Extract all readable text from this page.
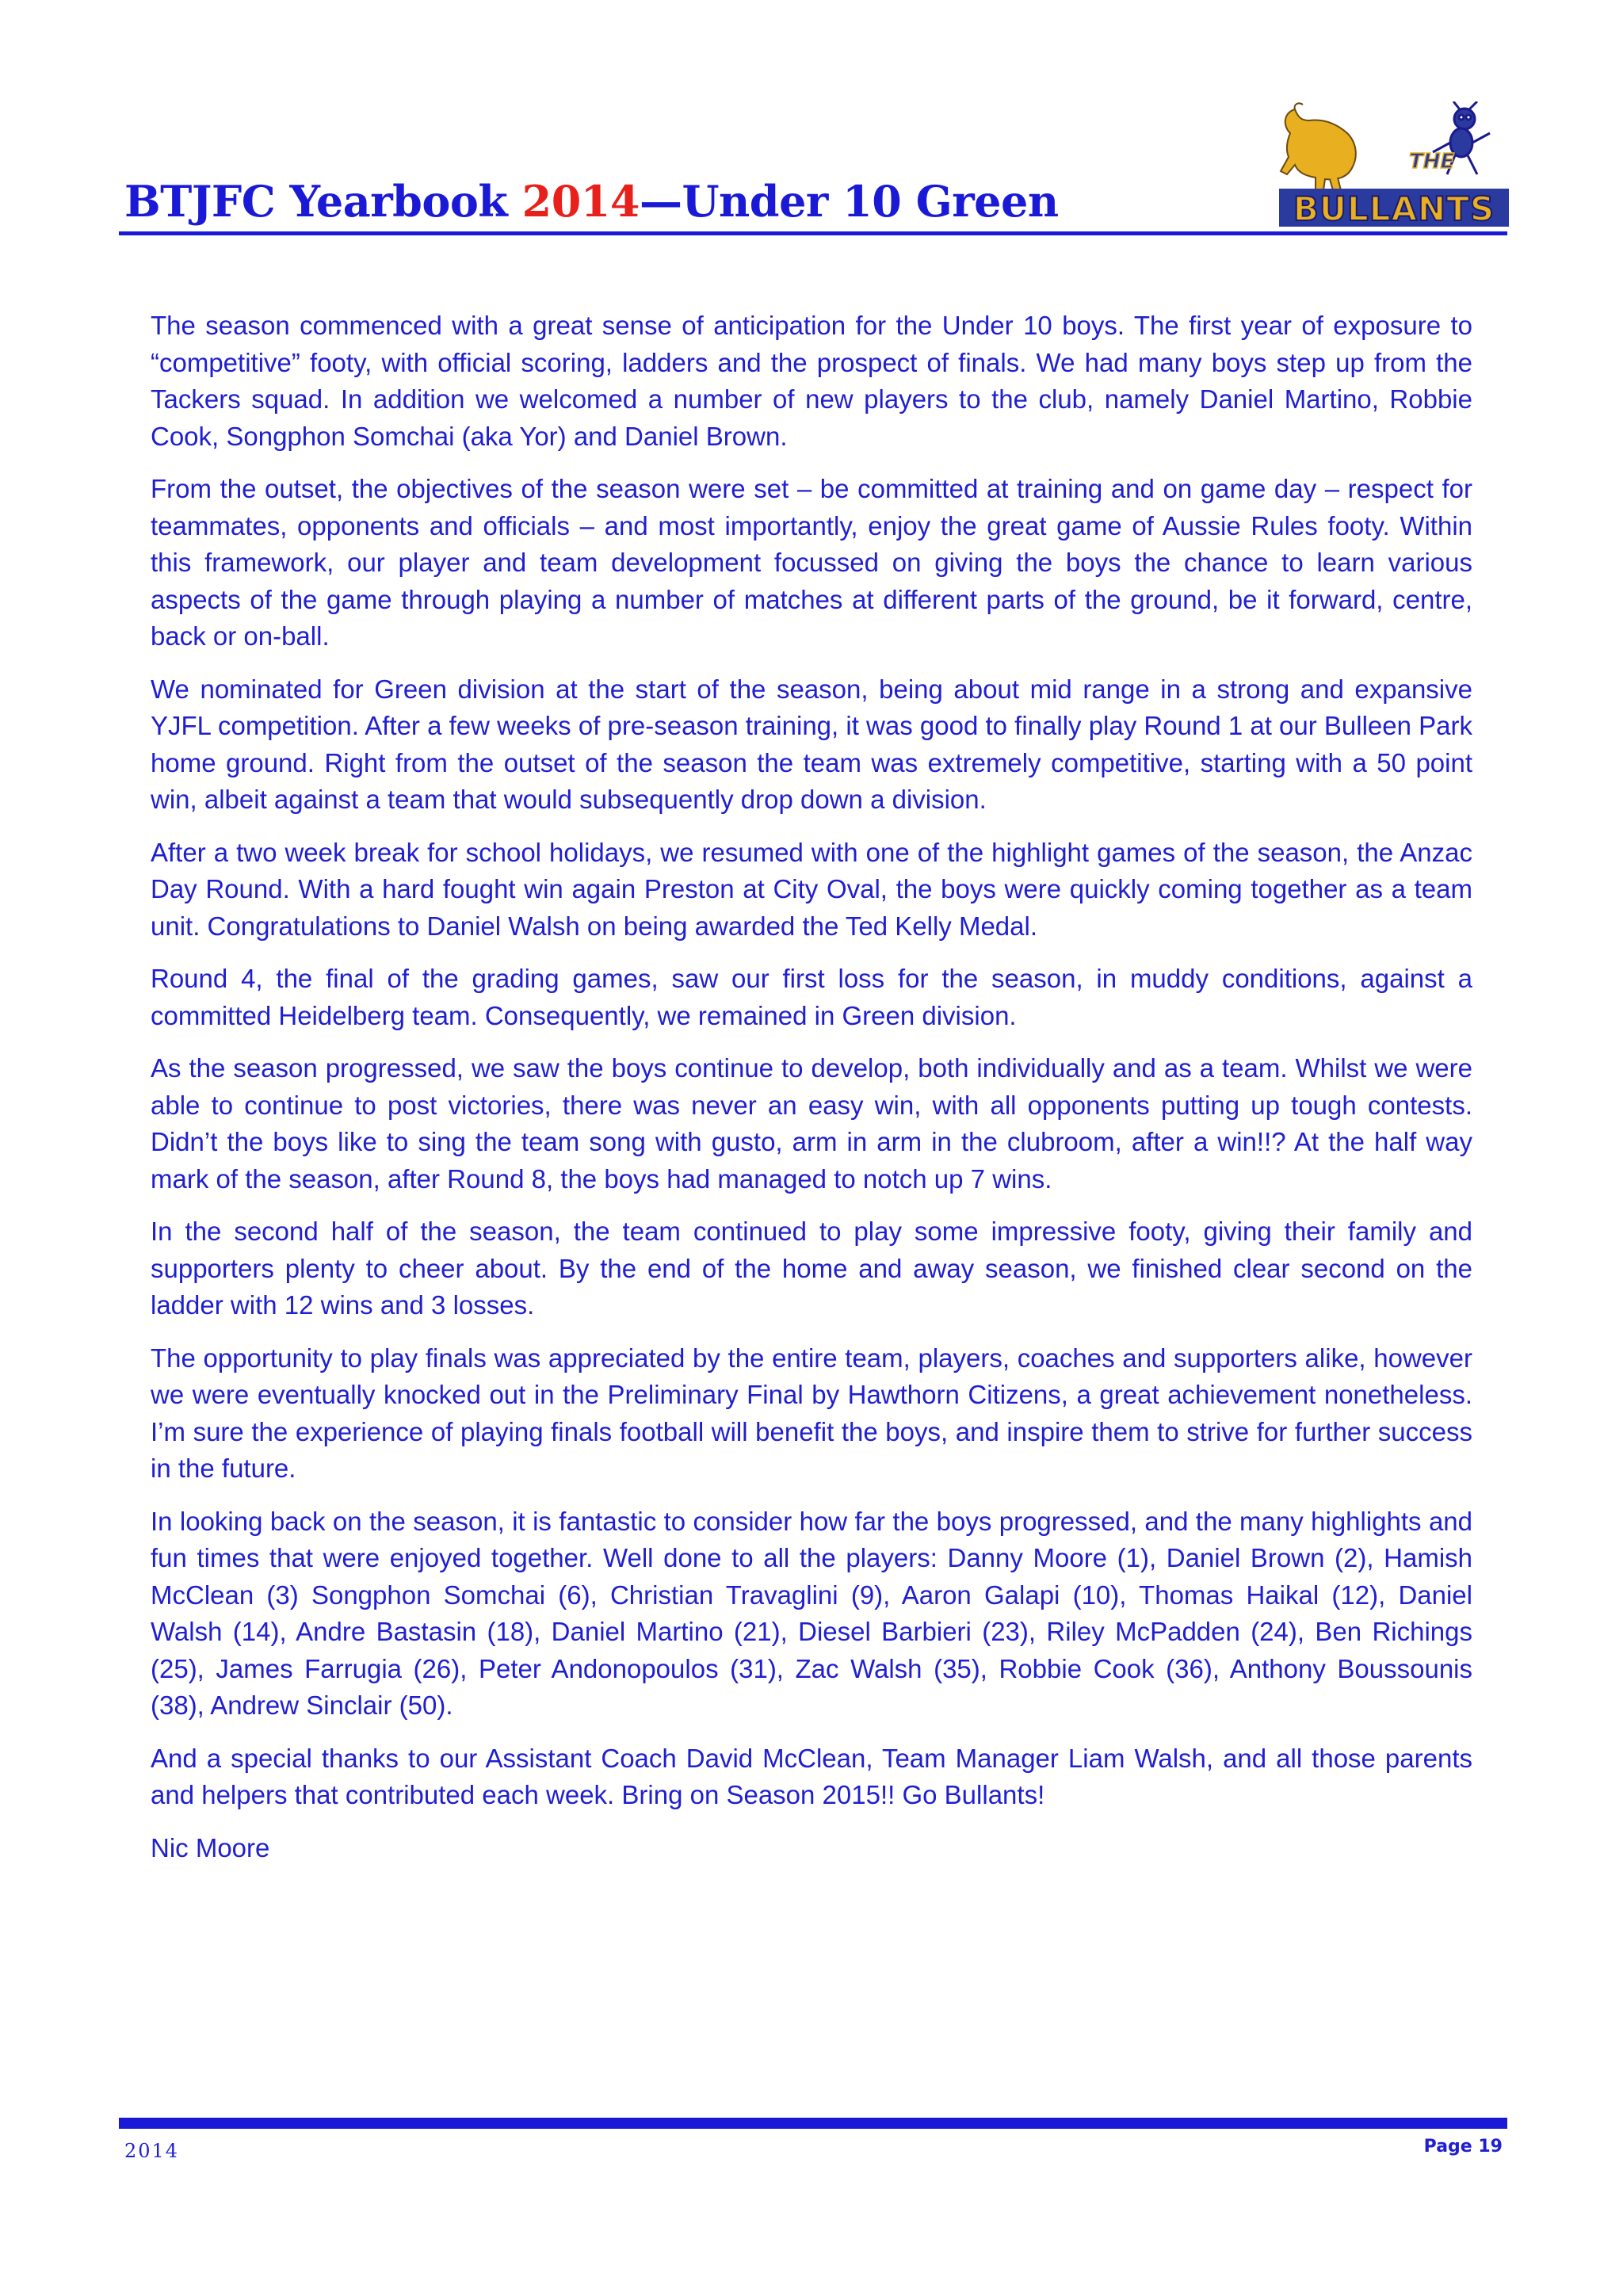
BTJFC Yearbook 2014—Under 10 Green
THE
BULLANTS

The season commenced with a great sense of anticipation for the Under 10 boys. The first year of exposure to “competitive” footy, with official scoring, ladders and the prospect of finals. We had many boys step up from the Tackers squad. In addition we welcomed a number of new players to the club, namely Daniel Martino, Robbie Cook, Songphon Somchai (aka Yor) and Daniel Brown.

From the outset, the objectives of the season were set – be committed at training and on game day – respect for teammates, opponents and officials – and most importantly, enjoy the great game of Aussie Rules footy. Within this framework, our player and team development focussed on giving the boys the chance to learn various aspects of the game through playing a number of matches at different parts of the ground, be it forward, centre, back or on-ball.

We nominated for Green division at the start of the season, being about mid range in a strong and expansive YJFL competition. After a few weeks of pre-season training, it was good to finally play Round 1 at our Bulleen Park home ground. Right from the outset of the season the team was extremely competitive, starting with a 50 point win, albeit against a team that would subsequently drop down a division.

After a two week break for school holidays, we resumed with one of the highlight games of the season, the Anzac Day Round. With a hard fought win again Preston at City Oval, the boys were quickly coming together as a team unit. Congratulations to Daniel Walsh on being awarded the Ted Kelly Medal.

Round 4, the final of the grading games, saw our first loss for the season, in muddy conditions, against a committed Heidelberg team. Consequently, we remained in Green division.

As the season progressed, we saw the boys continue to develop, both individually and as a team. Whilst we were able to continue to post victories, there was never an easy win, with all opponents putting up tough contests. Didn’t the boys like to sing the team song with gusto, arm in arm in the clubroom, after a win!!? At the half way mark of the season, after Round 8, the boys had managed to notch up 7 wins.

In the second half of the season, the team continued to play some impressive footy, giving their family and supporters plenty to cheer about. By the end of the home and away season, we finished clear second on the ladder with 12 wins and 3 losses.

The opportunity to play finals was appreciated by the entire team, players, coaches and supporters alike, however we were eventually knocked out in the Preliminary Final by Hawthorn Citizens, a great achievement nonetheless. I’m sure the experience of playing finals football will benefit the boys, and inspire them to strive for further success in the future.

In looking back on the season, it is fantastic to consider how far the boys progressed, and the many highlights and fun times that were enjoyed together. Well done to all the players: Danny Moore (1), Daniel Brown (2), Hamish McClean (3) Songphon Somchai (6), Christian Travaglini (9), Aaron Galapi (10), Thomas Haikal (12), Daniel Walsh (14), Andre Bastasin (18), Daniel Martino (21), Diesel Barbieri (23), Riley McPadden (24), Ben Richings (25), James Farrugia (26), Peter Andonopoulos (31), Zac Walsh (35), Robbie Cook (36), Anthony Boussounis (38), Andrew Sinclair (50).

And a special thanks to our Assistant Coach David McClean, Team Manager Liam Walsh, and all those parents and helpers that contributed each week. Bring on Season 2015!! Go Bullants!

Nic Moore

2014	Page 19
